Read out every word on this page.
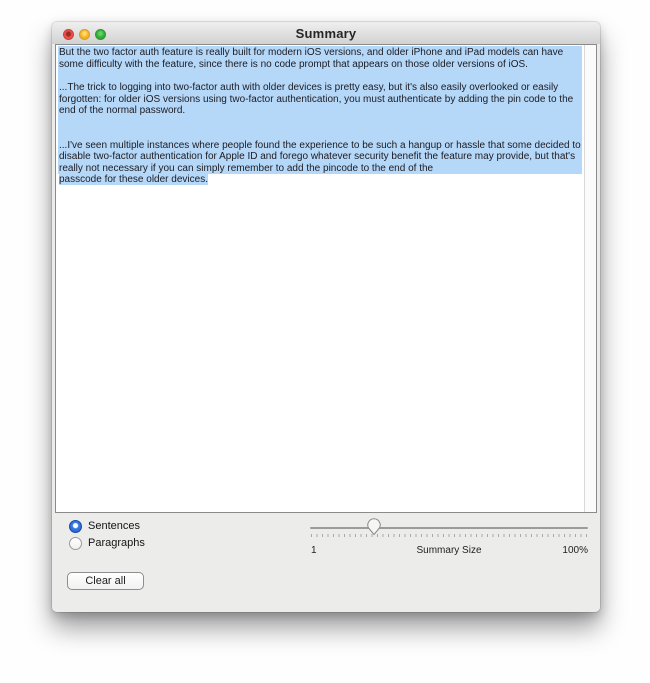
Summary

But the two factor auth feature is really built for modern iOS versions, and older iPhone and iPad models can have some difficulty with the feature, since there is no code prompt that appears on those older versions of iOS.

...The trick to logging into two-factor auth with older devices is pretty easy, but it's also easily overlooked or easily forgotten: for older iOS versions using two-factor authentication, you must authenticate by adding the pin code to the end of the normal password.

...I've seen multiple instances where people found the experience to be such a hangup or hassle that some decided to disable two-factor authentication for Apple ID and forego whatever security benefit the feature may provide, but that's really not necessary if you can simply remember to add the pincode to the end of the

passcode for these older devices.
Sentences
Paragraphs
1	Summary Size	100%
Clear all
